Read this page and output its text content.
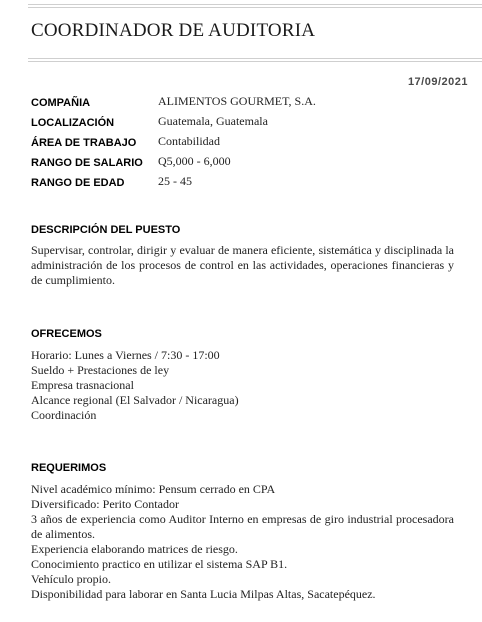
COORDINADOR DE AUDITORIA
17/09/2021
COMPAÑIA	ALIMENTOS GOURMET, S.A.
LOCALIZACIÓN	Guatemala, Guatemala
ÁREA DE TRABAJO	Contabilidad
RANGO DE SALARIO	Q5,000 - 6,000
RANGO DE EDAD	25 - 45
DESCRIPCIÓN DEL PUESTO
Supervisar, controlar, dirigir y evaluar de manera eficiente, sistemática y disciplinada la administración de los procesos de control en las actividades, operaciones financieras y de cumplimiento.
OFRECEMOS
Horario: Lunes a Viernes / 7:30 - 17:00
Sueldo + Prestaciones de ley
Empresa trasnacional
Alcance regional (El Salvador / Nicaragua)
Coordinación
REQUERIMOS
Nivel académico mínimo: Pensum cerrado en CPA
Diversificado: Perito Contador
3 años de experiencia como Auditor Interno en empresas de giro industrial procesadora de alimentos.
Experiencia elaborando matrices de riesgo.
Conocimiento practico en utilizar el sistema SAP B1.
Vehículo propio.
Disponibilidad para laborar en Santa Lucia Milpas Altas, Sacatepéquez.
